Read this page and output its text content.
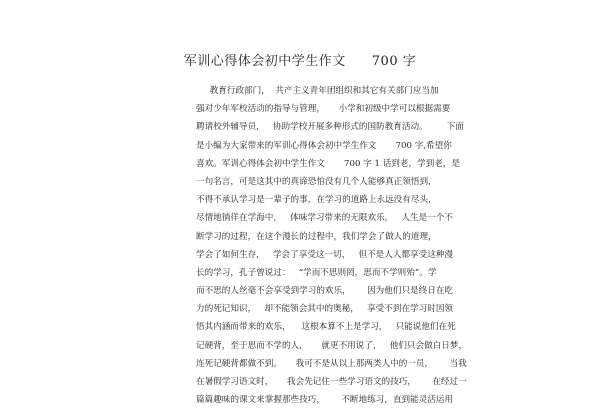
军训心得体会初中学生作文 700 字
教育行政部门，  共产主义青年团组织和其它有关部门应当加
强对少年军校活动的指导与管理，     小学和初级中学可以根据需要
聘请校外辅导员，   协助学校开展多种形式的国防教育活动。       下面
是小编为大家带来的军训心得体会初中学生作文       700 字,希望你
喜欢。军训心得体会初中学生作文       700 字 1 话到老，学到老，是
一句名言，可是这其中的真谛恐怕没有几个人能够真正领悟到，
不得不承认学习是一辈子的事，在学习的道路上永远没有尽头，
尽情地徜徉在学海中，   体味学习带来的无限欢乐，   人生是一个不
断学习的过程，在这个漫长的过程中，我们学会了做人的道理，
学会了如何生存，   学会了享受这一切，   但不是人人都享受这种漫
长的学习，孔子曾说过：   “学而不思则罔，思而不学则殆”。学
而不思的人丝毫不会享受到学习的欢乐，      因为他们只是终日在吃
力的死记知识，   却不能领会其中的奥秘，   享受不到在学习时因领
悟其内涵而带来的欢乐，    这根本算不上是学习，   只能说他们在死
记硬背，至于思而不学的人，     就更不用说了，   他们只会做白日梦，
连死记硬背都做不到。     我可不是从以上那两类人中的一员，      当我
在暑假学习语文时，     我会先记住一些学习语文的技巧，      在经过一
篇篇趣味的课文来掌握那些技巧，      不断地练习，直到能灵活运用
